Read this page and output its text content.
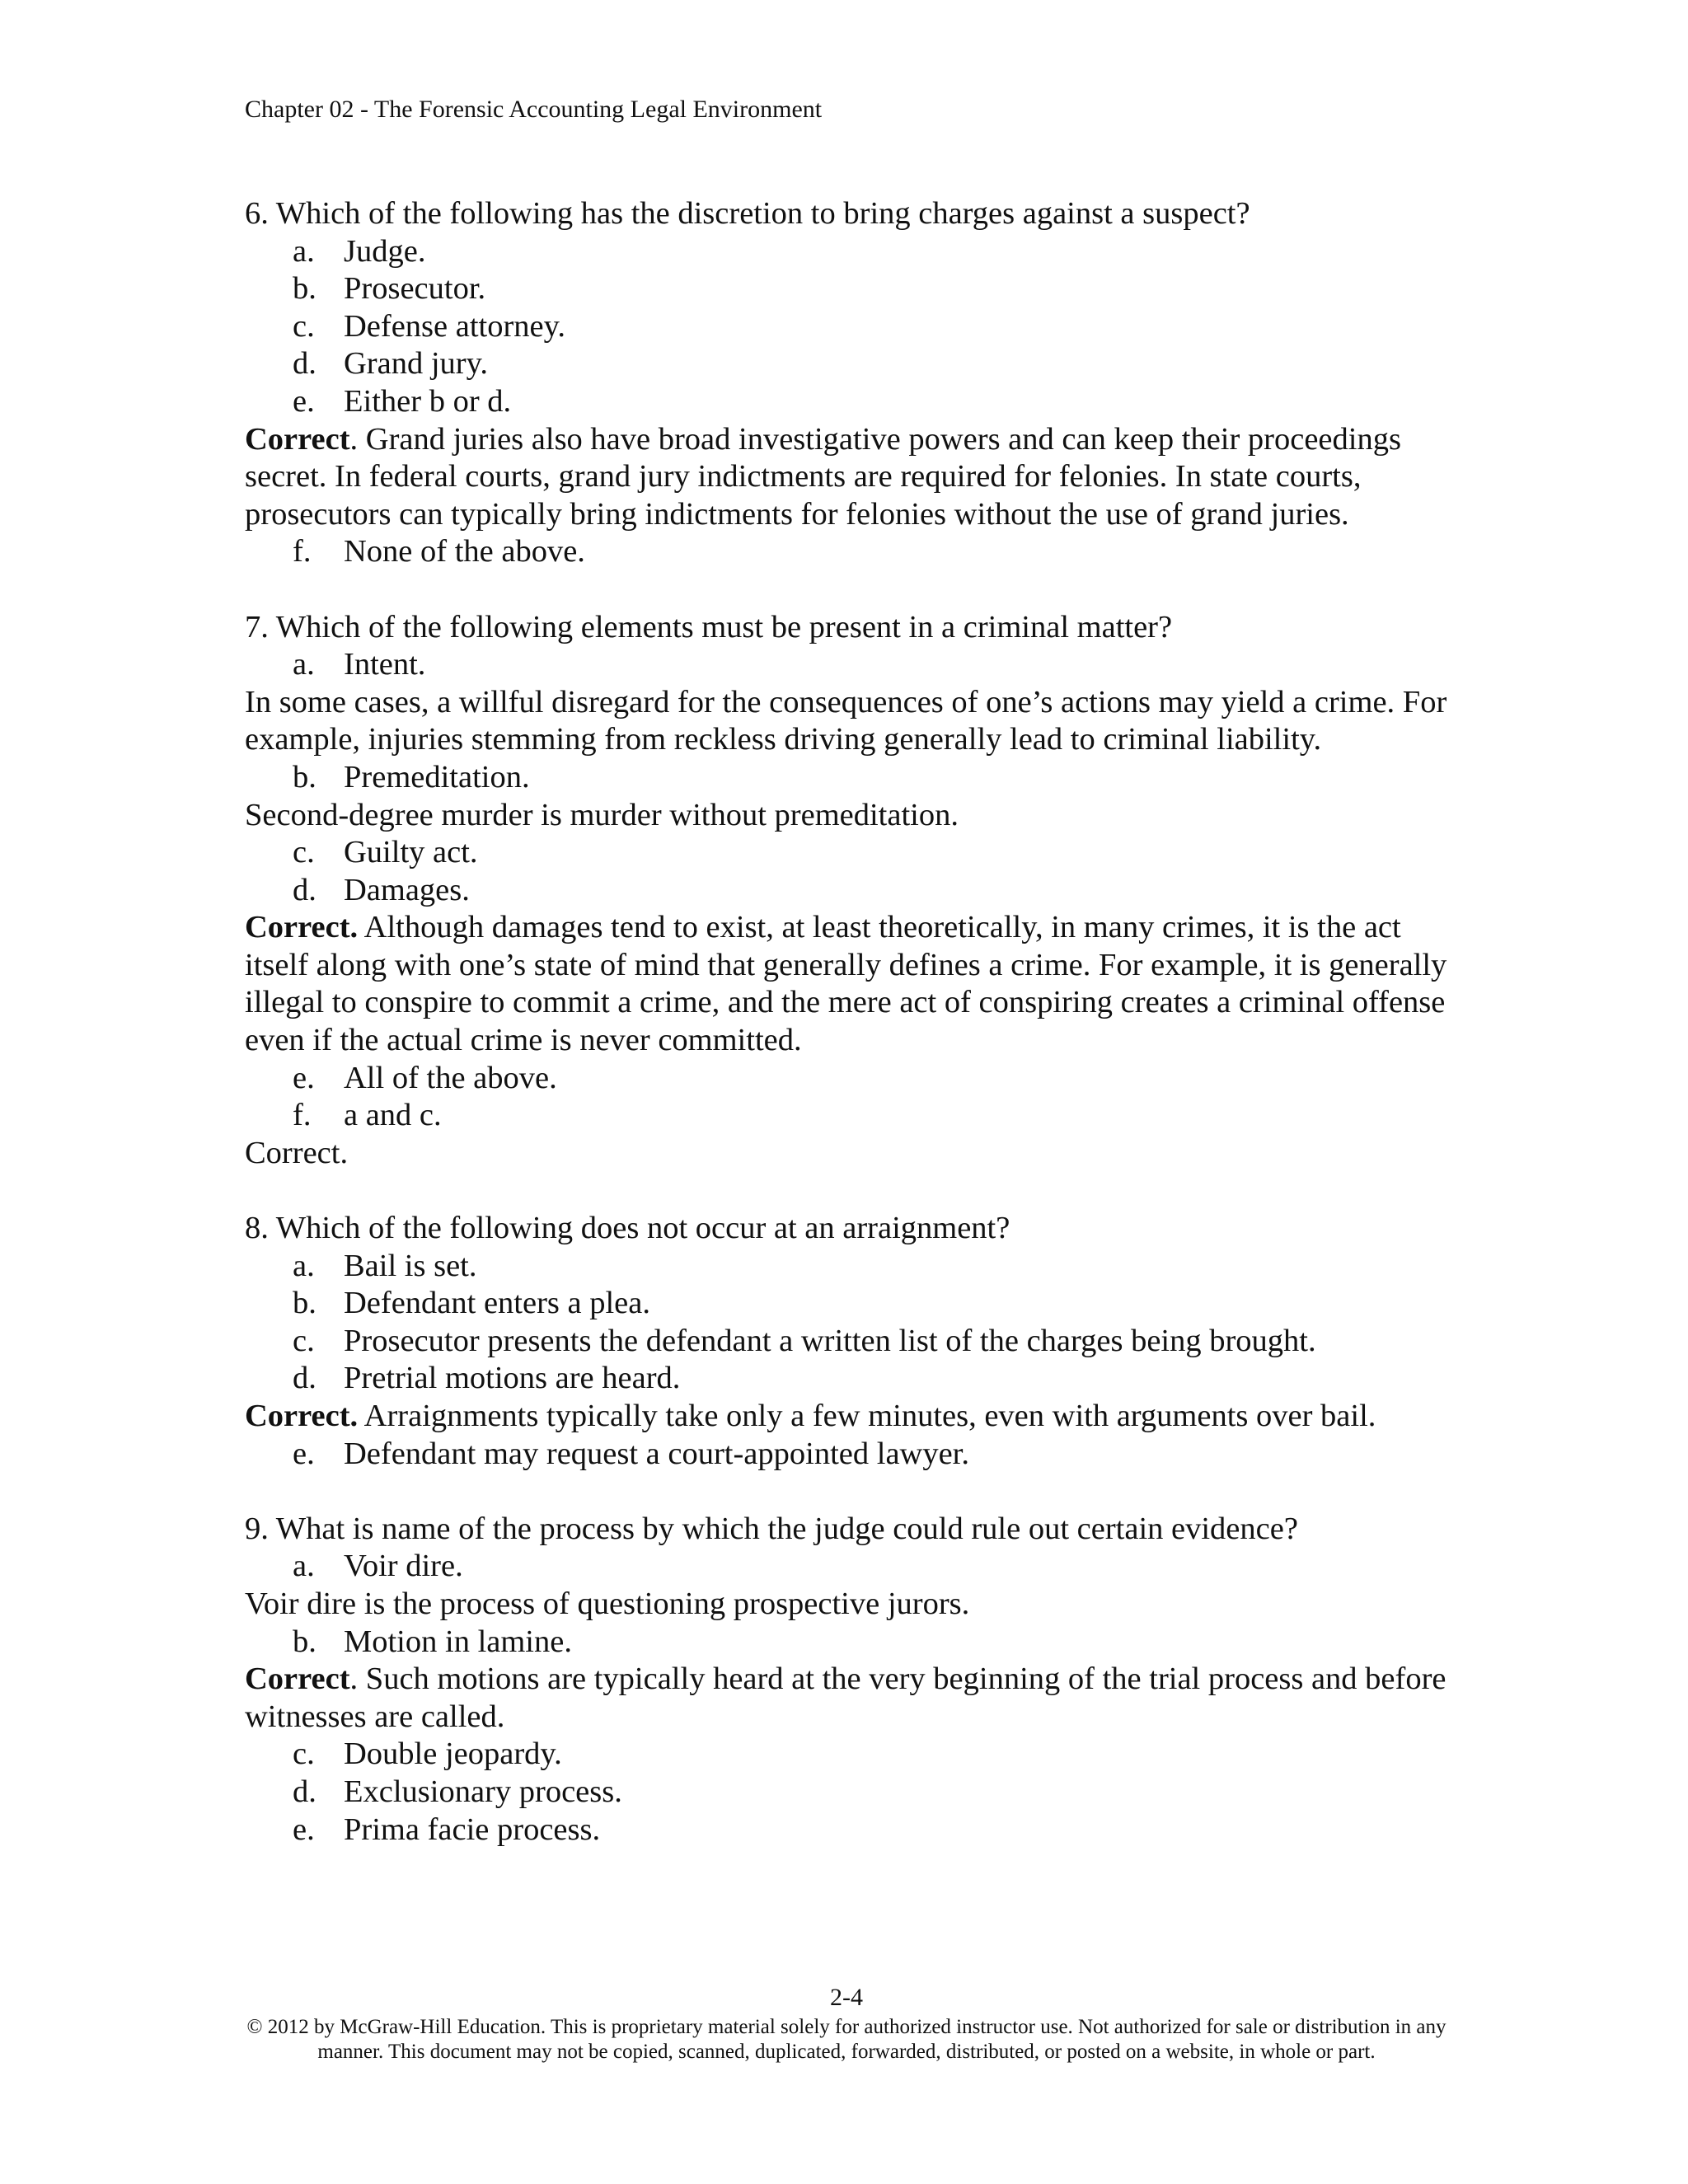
Chapter 02 - The Forensic Accounting Legal Environment

6. Which of the following has the discretion to bring charges against a suspect?

a. Judge.
b. Prosecutor.
c. Defense attorney.
d. Grand jury.
e. Either b or d.

Correct. Grand juries also have broad investigative powers and can keep their proceedings secret. In federal courts, grand jury indictments are required for felonies. In state courts, prosecutors can typically bring indictments for felonies without the use of grand juries.

f.	None of the above.

7. Which of the following elements must be present in a criminal matter?

a. Intent.

In some cases, a willful disregard for the consequences of one’s actions may yield a crime. For example, injuries stemming from reckless driving generally lead to criminal liability.

b. Premeditation.

Second-degree murder is murder without premeditation.

c. Guilty act.
d. Damages.

Correct. Although damages tend to exist, at least theoretically, in many crimes, it is the act itself along with one’s state of mind that generally defines a crime. For example, it is generally illegal to conspire to commit a crime, and the mere act of conspiring creates a criminal offense even if the actual crime is never committed.

e. All of the above.
f.	a and c.

Correct.

8. Which of the following does not occur at an arraignment?

a. Bail is set.
b. Defendant enters a plea.
c. Prosecutor presents the defendant a written list of the charges being brought.
d. Pretrial motions are heard.

Correct. Arraignments typically take only a few minutes, even with arguments over bail.

e. Defendant may request a court-appointed lawyer.

9. What is name of the process by which the judge could rule out certain evidence?

a. Voir dire.

Voir dire is the process of questioning prospective jurors.

b. Motion in lamine.

Correct. Such motions are typically heard at the very beginning of the trial process and before witnesses are called.

c. Double jeopardy.
d. Exclusionary process.
e. Prima facie process.
2-4
© 2012 by McGraw-Hill Education. This is proprietary material solely for authorized instructor use. Not authorized for sale or distribution in any manner. This document may not be copied, scanned, duplicated, forwarded, distributed, or posted on a website, in whole or part.
